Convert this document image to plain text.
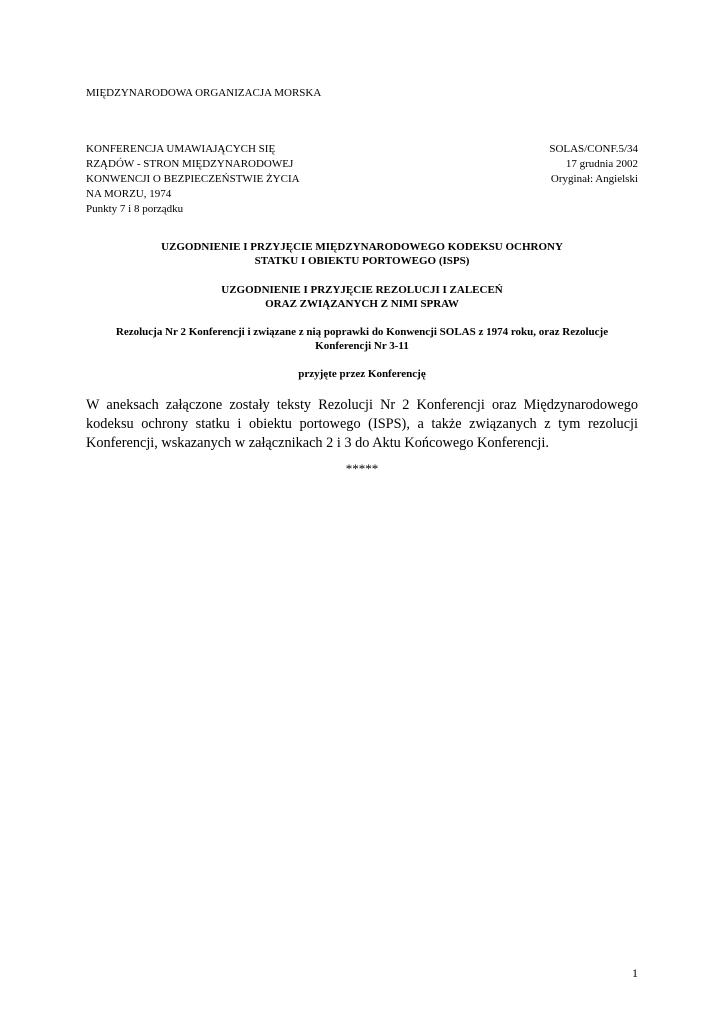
MIĘDZYNARODOWA ORGANIZACJA MORSKA
KONFERENCJA UMAWIAJĄCYCH SIĘ
RZĄDÓW - STRON MIĘDZYNARODOWEJ
KONWENCJI O BEZPIECZEŃSTWIE ŻYCIA
NA MORZU, 1974
Punkty 7 i 8 porządku
SOLAS/CONF.5/34
17 grudnia 2002
Oryginał: Angielski
UZGODNIENIE I PRZYJĘCIE MIĘDZYNARODOWEGO KODEKSU OCHRONY
STATKU I OBIEKTU PORTOWEGO (ISPS)
UZGODNIENIE I PRZYJĘCIE REZOLUCJI I ZALECEŃ
ORAZ ZWIĄZANYCH Z NIMI SPRAW
Rezolucja Nr 2 Konferencji i związane z nią poprawki do Konwencji SOLAS z 1974 roku, oraz Rezolucje
Konferencji Nr 3-11
przyjęte przez Konferencję

W aneksach załączone zostały teksty Rezolucji Nr 2 Konferencji oraz Międzynarodowego kodeksu ochrony statku i obiektu portowego (ISPS), a także związanych z tym rezolucji Konferencji, wskazanych w załącznikach 2 i 3 do Aktu Końcowego Konferencji.

*****
1
